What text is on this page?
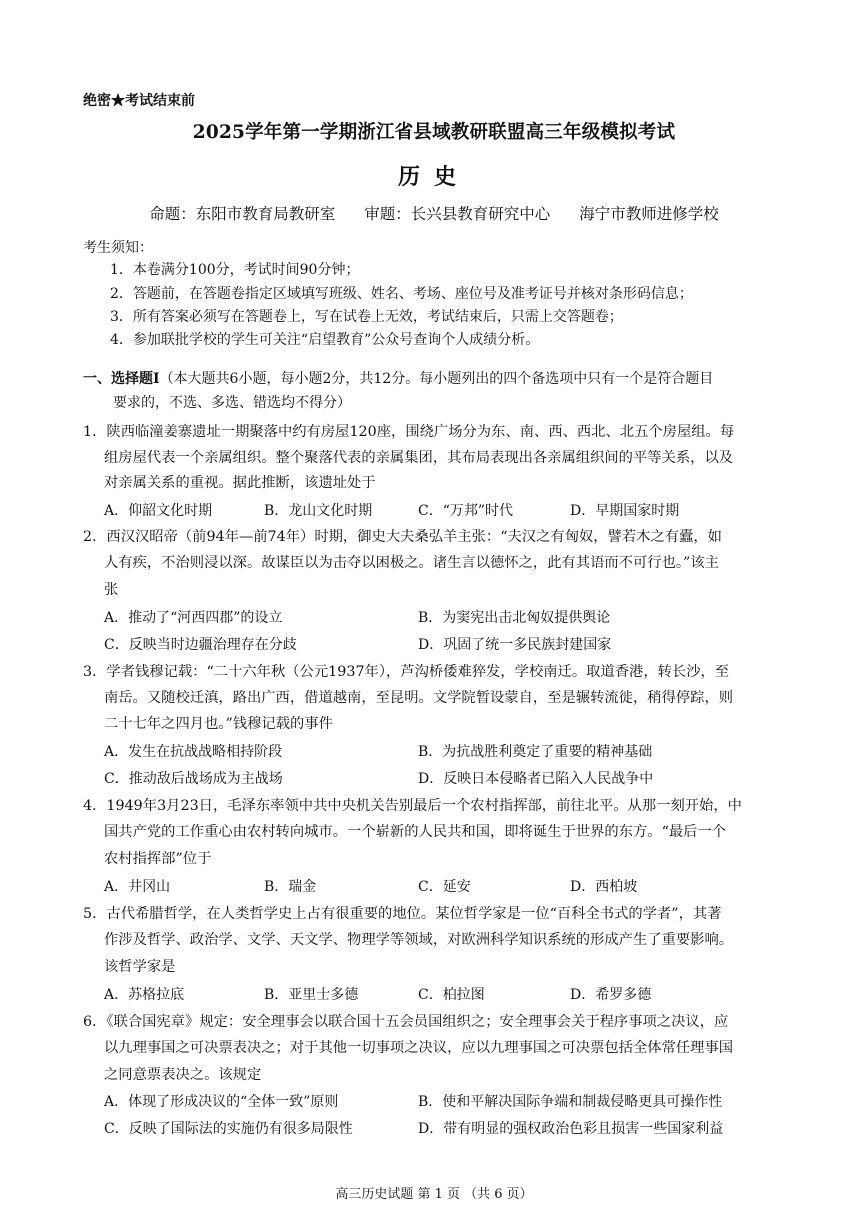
绝密★考试结束前
2025学年第一学期浙江省县域教研联盟高三年级模拟考试
历史
命题：东阳市教育局教研室 审题：长兴县教育研究中心 海宁市教师进修学校
考生须知：
1．本卷满分100分，考试时间90分钟；
2．答题前，在答题卷指定区域填写班级、姓名、考场、座位号及准考证号并核对条形码信息；
3．所有答案必须写在答题卷上，写在试卷上无效，考试结束后，只需上交答题卷；
4．参加联批学校的学生可关注“启望教育”公众号查询个人成绩分析。
一、选择题Ⅰ（本大题共6小题，每小题2分，共12分。每小题列出的四个备选项中只有一个是符合题目
要求的，不选、多选、错选均不得分）
1．陕西临潼姜寨遗址一期聚落中约有房屋120座，围绕广场分为东、南、西、西北、北五个房屋组。每
组房屋代表一个亲属组织。整个聚落代表的亲属集团，其布局表现出各亲属组织间的平等关系，以及
对亲属关系的重视。据此推断，该遗址处于
A．仰韶文化时期	B．龙山文化时期	C．“万邦”时代	D．早期国家时期
2．西汉汉昭帝（前94年—前74年）时期，御史大夫桑弘羊主张：“夫汉之有匈奴，譬若木之有蠹，如
人有疾，不治则浸以深。故谋臣以为击夺以困极之。诸生言以德怀之，此有其语而不可行也。”该主
张
A．推动了“河西四郡”的设立	B．为窦宪出击北匈奴提供舆论
C．反映当时边疆治理存在分歧	D．巩固了统一多民族封建国家
3．学者钱穆记载：“二十六年秋（公元1937年），芦沟桥倭难猝发，学校南迁。取道香港，转长沙，至
南岳。又随校迁滇，路出广西，借道越南，至昆明。文学院暂设蒙自，至是辗转流徙，稍得停踪，则
二十七年之四月也。”钱穆记载的事件
A．发生在抗战战略相持阶段	B．为抗战胜利奠定了重要的精神基础
C．推动敌后战场成为主战场	D．反映日本侵略者已陷入人民战争中
4．1949年3月23日，毛泽东率领中共中央机关告别最后一个农村指挥部，前往北平。从那一刻开始，中
国共产党的工作重心由农村转向城市。一个崭新的人民共和国，即将诞生于世界的东方。“最后一个
农村指挥部”位于
A．井冈山	B．瑞金	C．延安	D．西柏坡
5．古代希腊哲学，在人类哲学史上占有很重要的地位。某位哲学家是一位“百科全书式的学者”，其著
作涉及哲学、政治学、文学、天文学、物理学等领域，对欧洲科学知识系统的形成产生了重要影响。
该哲学家是
A．苏格拉底	B．亚里士多德	C．柏拉图	D．希罗多德
6．《联合国宪章》规定：安全理事会以联合国十五会员国组织之；安全理事会关于程序事项之决议，应
以九理事国之可决票表决之；对于其他一切事项之决议，应以九理事国之可决票包括全体常任理事国
之同意票表决之。该规定
A．体现了形成决议的“全体一致”原则	B．使和平解决国际争端和制裁侵略更具可操作性
C．反映了国际法的实施仍有很多局限性	D．带有明显的强权政治色彩且损害一些国家利益
高三历史试题 第 1 页 （共 6 页）
